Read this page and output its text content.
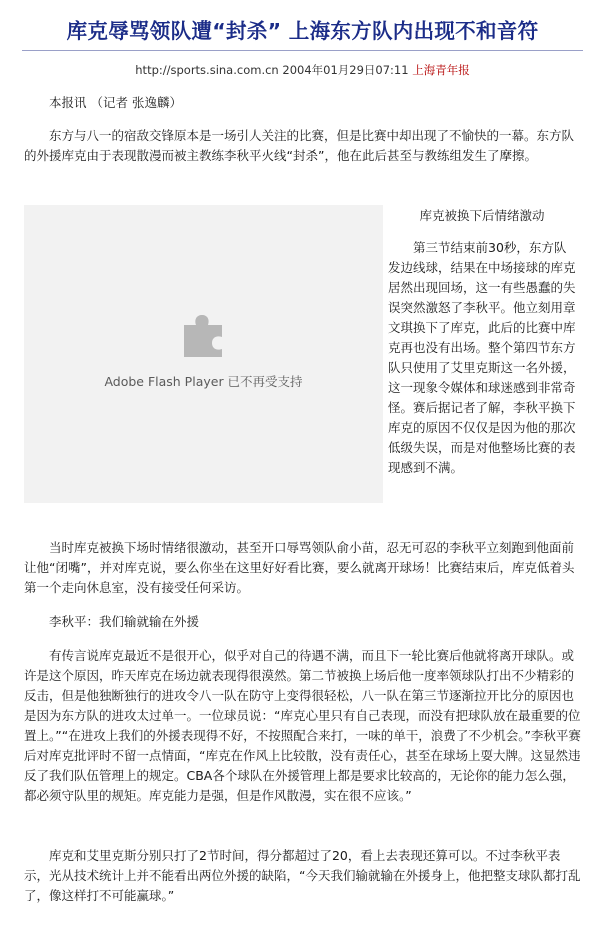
库克辱骂领队遭“封杀” 上海东方队内出现不和音符
http://sports.sina.com.cn 2004年01月29日07:11 上海青年报

本报讯 （记者 张逸麟）

东方与八一的宿敌交锋原本是一场引人关注的比赛，但是比赛中却出现了不愉快的一幕。东方队的外援库克由于表现散漫而被主教练李秋平火线“封杀”，他在此后甚至与教练组发生了摩擦。

Adobe Flash Player 已不再受支持

库克被换下后情绪激动

第三节结束前30秒，东方队发边线球，结果在中场接球的库克居然出现回场，这一有些愚蠢的失误突然激怒了李秋平。他立刻用章文琪换下了库克，此后的比赛中库克再也没有出场。整个第四节东方队只使用了艾里克斯这一名外援，这一现象令媒体和球迷感到非常奇怪。赛后据记者了解，李秋平换下库克的原因不仅仅是因为他的那次低级失误，而是对他整场比赛的表现感到不满。

当时库克被换下场时情绪很激动，甚至开口辱骂领队俞小苗，忍无可忍的李秋平立刻跑到他面前让他“闭嘴”，并对库克说，要么你坐在这里好好看比赛，要么就离开球场！比赛结束后，库克低着头第一个走向休息室，没有接受任何采访。

李秋平：我们输就输在外援

有传言说库克最近不是很开心，似乎对自己的待遇不满，而且下一轮比赛后他就将离开球队。或许是这个原因，昨天库克在场边就表现得很漠然。第二节被换上场后他一度率领球队打出不少精彩的反击，但是他独断独行的进攻令八一队在防守上变得很轻松，八一队在第三节逐渐拉开比分的原因也是因为东方队的进攻太过单一。一位球员说：“库克心里只有自己表现，而没有把球队放在最重要的位置上。”“在进攻上我们的外援表现得不好，不按照配合来打，一味的单干，浪费了不少机会。”李秋平赛后对库克批评时不留一点情面，“库克在作风上比较散，没有责任心，甚至在球场上耍大牌。这显然违反了我们队伍管理上的规定。CBA各个球队在外援管理上都是要求比较高的，无论你的能力怎么强，都必须守队里的规矩。库克能力是强，但是作风散漫，实在很不应该。”

库克和艾里克斯分别只打了2节时间，得分都超过了20，看上去表现还算可以。不过李秋平表示，光从技术统计上并不能看出两位外援的缺陷，“今天我们输就输在外援身上，他把整支球队都打乱了，像这样打不可能赢球。”
